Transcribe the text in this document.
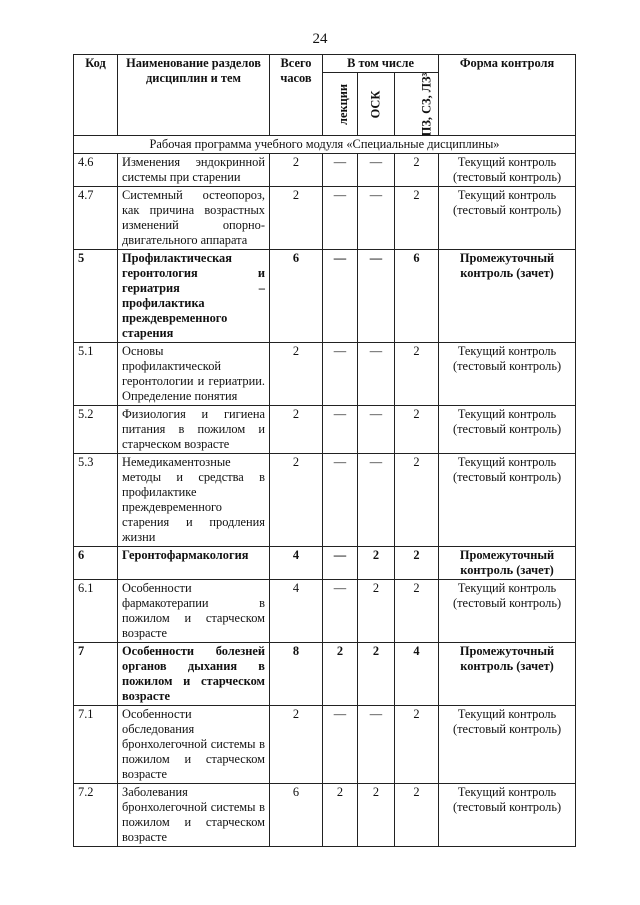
24
Код	Наименование разделов дисциплин и тем	Всего часов	В том числе			Форма контроля
			лекции	ОСК	ПЗ, СЗ, ЛЗ³	
Рабочая программа учебного модуля «Специальные дисциплины»						
4.6	Изменения эндокринной системы при старении	2	—	—	2	Текущий контроль (тестовый контроль)
4.7	Системный остеопороз, как причина возрастных изменений опорно-двигательного аппарата	2	—	—	2	Текущий контроль (тестовый контроль)
5	Профилактическая геронтология и гериатрия – профилактика преждевременного старения	6	—	—	6	Промежуточный контроль (зачет)
5.1	Основы профилактической геронтологии и гериатрии. Определение понятия	2	—	—	2	Текущий контроль (тестовый контроль)
5.2	Физиология и гигиена питания в пожилом и старческом возрасте	2	—	—	2	Текущий контроль (тестовый контроль)
5.3	Немедикаментозные методы и средства в профилактике преждевременного старения и продления жизни	2	—	—	2	Текущий контроль (тестовый контроль)
6	Геронтофармакология	4	—	2	2	Промежуточный контроль (зачет)
6.1	Особенности фармакотерапии в пожилом и старческом возрасте	4	—	2	2	Текущий контроль (тестовый контроль)
7	Особенности болезней органов дыхания в пожилом и старческом возрасте	8	2	2	4	Промежуточный контроль (зачет)
7.1	Особенности обследования бронхолегочной системы в пожилом и старческом возрасте	2	—	—	2	Текущий контроль (тестовый контроль)
7.2	Заболевания бронхолегочной системы в пожилом и старческом возрасте	6	2	2	2	Текущий контроль (тестовый контроль)
